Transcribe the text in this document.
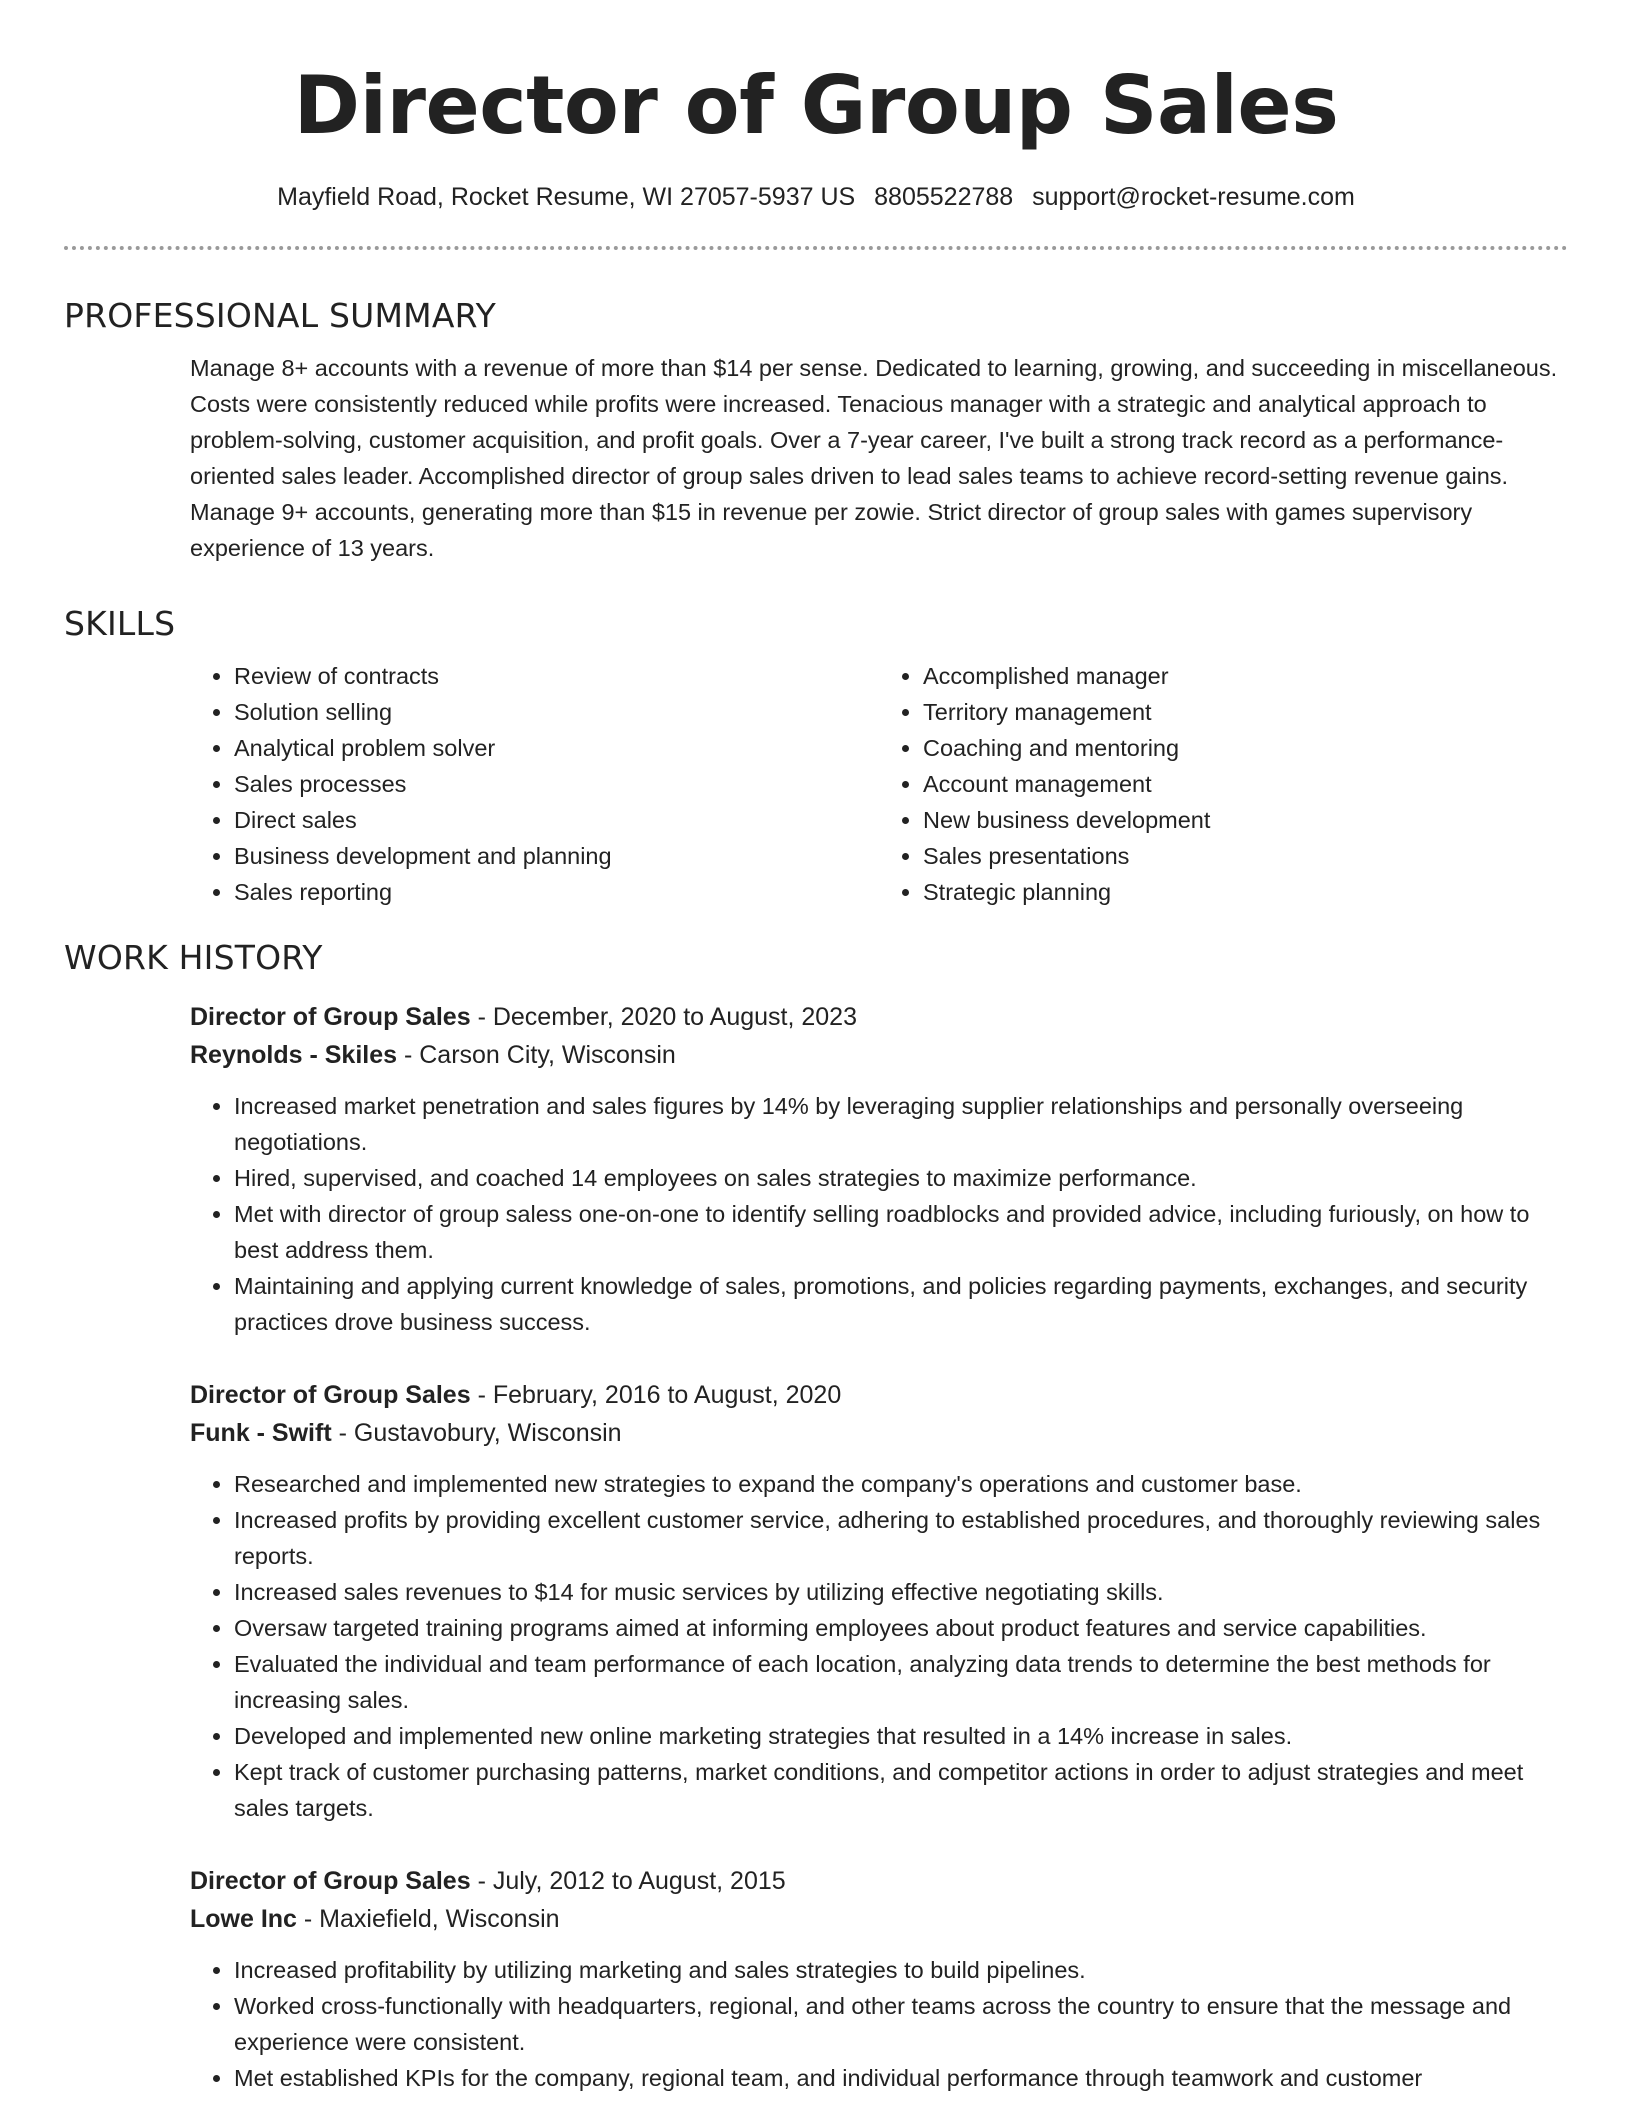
Director of Group Sales
Mayfield Road, Rocket Resume, WI 27057-5937 US 8805522788 support@rocket-resume.com
PROFESSIONAL SUMMARY

Manage 8+ accounts with a revenue of more than $14 per sense. Dedicated to learning, growing, and succeeding in miscellaneous. Costs were consistently reduced while profits were increased. Tenacious manager with a strategic and analytical approach to problem-solving, customer acquisition, and profit goals. Over a 7-year career, I've built a strong track record as a performance-oriented sales leader. Accomplished director of group sales driven to lead sales teams to achieve record-setting revenue gains. Manage 9+ accounts, generating more than $15 in revenue per zowie. Strict director of group sales with games supervisory experience of 13 years.

SKILLS
• Review of contracts
• Solution selling
• Analytical problem solver
• Sales processes
• Direct sales
• Business development and planning
• Sales reporting
• Accomplished manager
• Territory management
• Coaching and mentoring
• Account management
• New business development
• Sales presentations
• Strategic planning
WORK HISTORY
Director of Group Sales - December, 2020 to August, 2023
Reynolds - Skiles - Carson City, Wisconsin
• Increased market penetration and sales figures by 14% by leveraging supplier relationships and personally overseeing negotiations.
• Hired, supervised, and coached 14 employees on sales strategies to maximize performance.
• Met with director of group saless one-on-one to identify selling roadblocks and provided advice, including furiously, on how to best address them.
• Maintaining and applying current knowledge of sales, promotions, and policies regarding payments, exchanges, and security practices drove business success.
Director of Group Sales - February, 2016 to August, 2020
Funk - Swift - Gustavobury, Wisconsin
• Researched and implemented new strategies to expand the company's operations and customer base.
• Increased profits by providing excellent customer service, adhering to established procedures, and thoroughly reviewing sales reports.
• Increased sales revenues to $14 for music services by utilizing effective negotiating skills.
• Oversaw targeted training programs aimed at informing employees about product features and service capabilities.
• Evaluated the individual and team performance of each location, analyzing data trends to determine the best methods for increasing sales.
• Developed and implemented new online marketing strategies that resulted in a 14% increase in sales.
• Kept track of customer purchasing patterns, market conditions, and competitor actions in order to adjust strategies and meet sales targets.
Director of Group Sales - July, 2012 to August, 2015
Lowe Inc - Maxiefield, Wisconsin
• Increased profitability by utilizing marketing and sales strategies to build pipelines.
• Worked cross-functionally with headquarters, regional, and other teams across the country to ensure that the message and experience were consistent.
• Met established KPIs for the company, regional team, and individual performance through teamwork and customer
